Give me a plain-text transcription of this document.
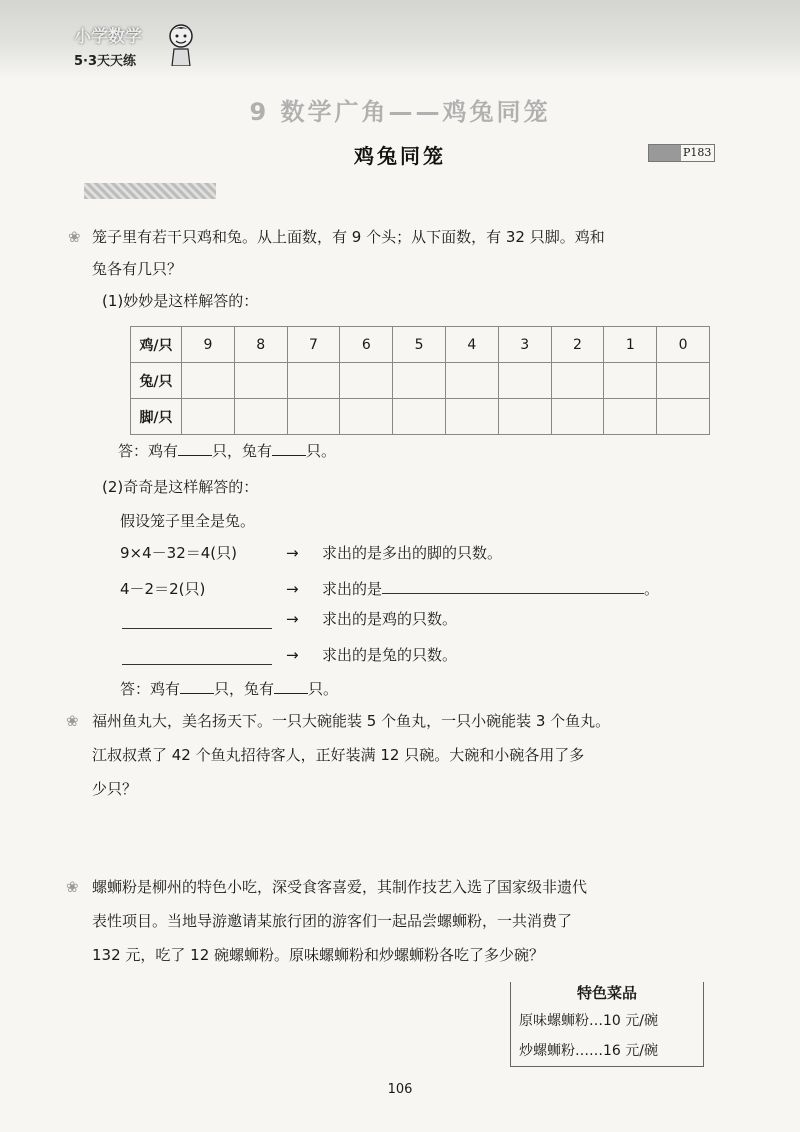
小学数学
5·3天天练
9 数学广角——鸡兔同笼
鸡兔同笼	P183
❀ 笼子里有若干只鸡和兔。从上面数，有 9 个头；从下面数，有 32 只脚。鸡和
兔各有几只？
(1)妙妙是这样解答的：
鸡/只	9	8	7	6	5	4	3	2	1	0
兔/只										
脚/只										
答：鸡有 只，兔有 只。
(2)奇奇是这样解答的：
假设笼子里全是兔。
9×4－32＝4(只)	→ 求出的是多出的脚的只数。
4－2＝2(只)	→ 求出的是	。
→ 求出的是鸡的只数。
→ 求出的是兔的只数。
答：鸡有 只，兔有 只。
❀ 福州鱼丸大，美名扬天下。一只大碗能装 5 个鱼丸，一只小碗能装 3 个鱼丸。
江叔叔煮了 42 个鱼丸招待客人，正好装满 12 只碗。大碗和小碗各用了多
少只？
❀ 螺蛳粉是柳州的特色小吃，深受食客喜爱，其制作技艺入选了国家级非遗代
表性项目。当地导游邀请某旅行团的游客们一起品尝螺蛳粉，一共消费了
132 元，吃了 12 碗螺蛳粉。原味螺蛳粉和炒螺蛳粉各吃了多少碗？
特色菜品
原味螺蛳粉…10 元/碗
炒螺蛳粉……16 元/碗
106
